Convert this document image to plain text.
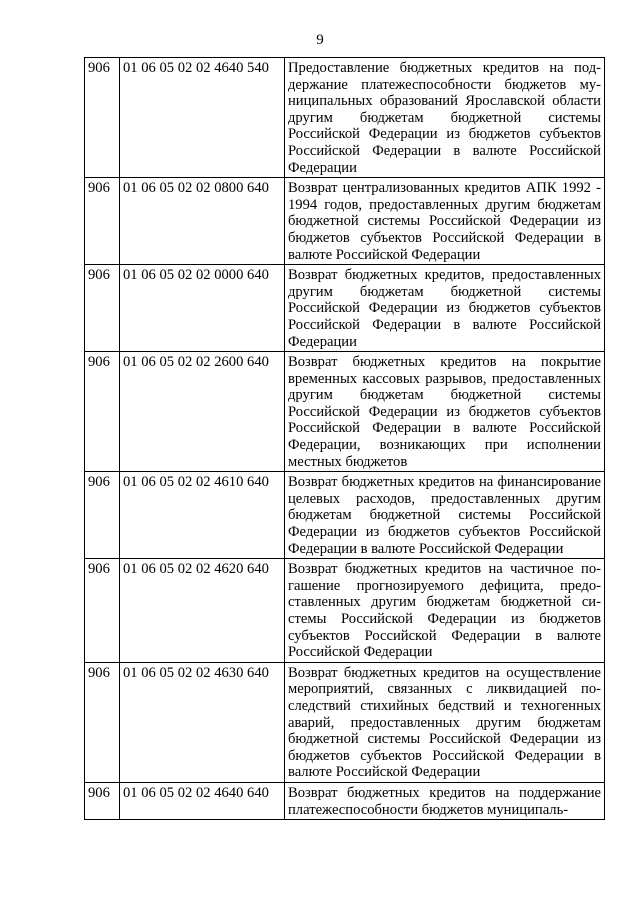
9
906	01 06 05 02 02 4640 540	Предоставление бюджетных кредитов на поддержание платежеспособности бюджетов муниципальных образований Ярославской области другим бюджетам бюджетной системы Российской Федерации из бюджетов субъектов Российской Федерации в валюте Российской Федерации
906	01 06 05 02 02 0800 640	Возврат централизованных кредитов АПК 1992 - 1994 годов, предоставленных другим бюджетам бюджетной системы Российской Федерации из бюджетов субъектов Российской Федерации в валюте Российской Федерации
906	01 06 05 02 02 0000 640	Возврат бюджетных кредитов, предоставленных другим бюджетам бюджетной системы Российской Федерации из бюджетов субъектов Российской Федерации в валюте Российской Федерации
906	01 06 05 02 02 2600 640	Возврат бюджетных кредитов на покрытие временных кассовых разрывов, предоставленных другим бюджетам бюджетной системы Российской Федерации из бюджетов субъектов Российской Федерации в валюте Российской Федерации, возникающих при исполнении местных бюджетов
906	01 06 05 02 02 4610 640	Возврат бюджетных кредитов на финансирование целевых расходов, предоставленных другим бюджетам бюджетной системы Российской Федерации из бюджетов субъектов Российской Федерации в валюте Российской Федерации
906	01 06 05 02 02 4620 640	Возврат бюджетных кредитов на частичное погашение прогнозируемого дефицита, предоставленных другим бюджетам бюджетной системы Российской Федерации из бюджетов субъектов Российской Федерации в валюте Российской Федерации
906	01 06 05 02 02 4630 640	Возврат бюджетных кредитов на осуществление мероприятий, связанных с ликвидацией последствий стихийных бедствий и техногенных аварий, предоставленных другим бюджетам бюджетной системы Российской Федерации из бюджетов субъектов Российской Федерации в валюте Российской Федерации
906	01 06 05 02 02 4640 640	Возврат бюджетных кредитов на поддержание платежеспособности бюджетов муниципаль-
